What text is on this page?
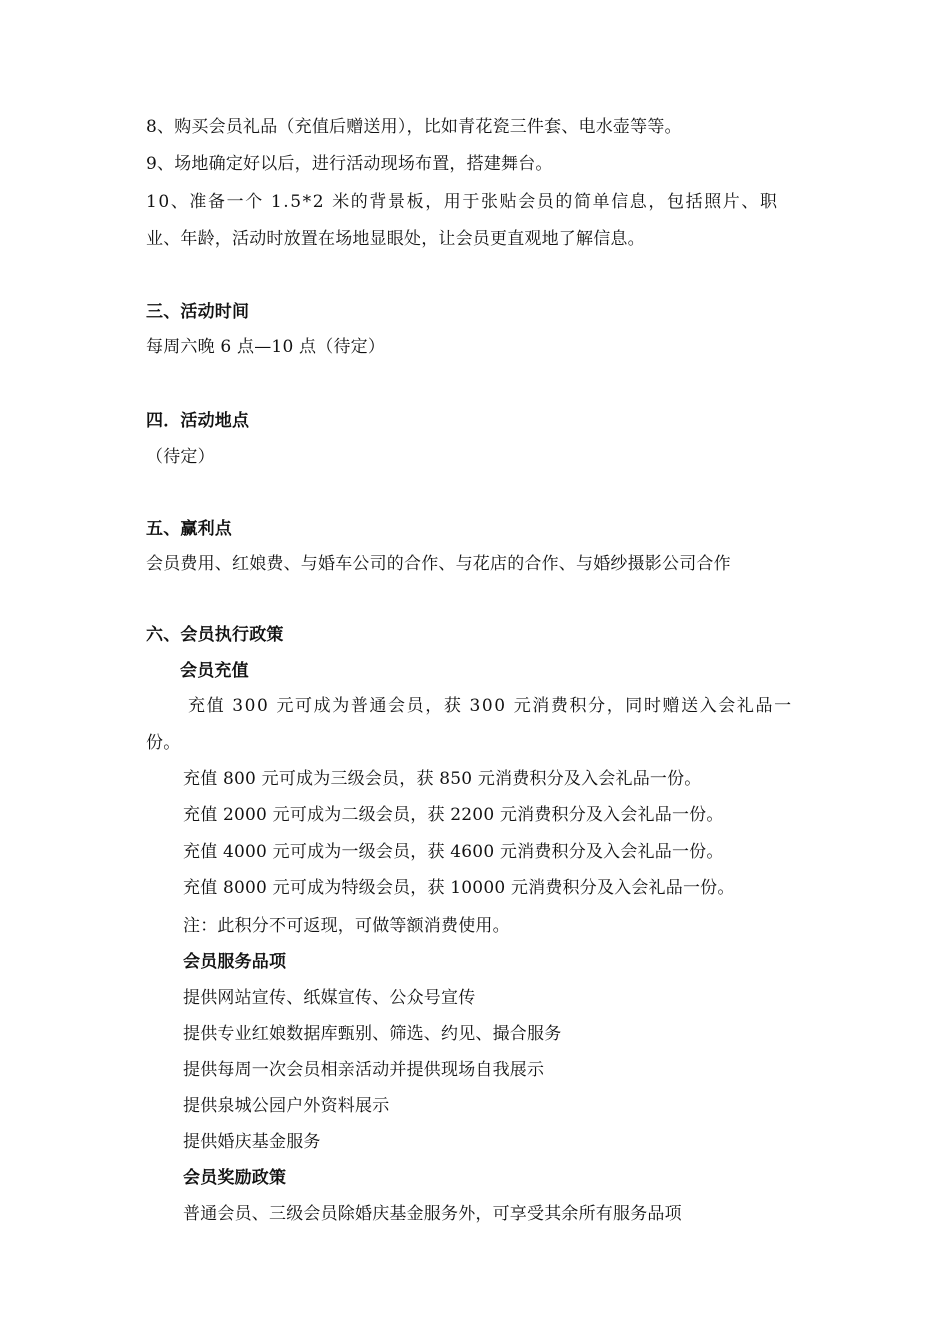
8、购买会员礼品（充值后赠送用），比如青花瓷三件套、电水壶等等。
9、场地确定好以后，进行活动现场布置，搭建舞台。
10、准备一个 1.5*2 米的背景板，用于张贴会员的简单信息，包括照片、职
业、年龄，活动时放置在场地显眼处，让会员更直观地了解信息。
三、活动时间
每周六晚 6 点—10 点（待定）
四．活动地点
（待定）
五、赢利点
会员费用、红娘费、与婚车公司的合作、与花店的合作、与婚纱摄影公司合作
六、会员执行政策
会员充值
充值 300 元可成为普通会员，获 300 元消费积分，同时赠送入会礼品一
份。
充值 800 元可成为三级会员，获 850 元消费积分及入会礼品一份。
充值 2000 元可成为二级会员，获 2200 元消费积分及入会礼品一份。
充值 4000 元可成为一级会员，获 4600 元消费积分及入会礼品一份。
充值 8000 元可成为特级会员，获 10000 元消费积分及入会礼品一份。
注：此积分不可返现，可做等额消费使用。
会员服务品项
提供网站宣传、纸媒宣传、公众号宣传
提供专业红娘数据库甄别、筛选、约见、撮合服务
提供每周一次会员相亲活动并提供现场自我展示
提供泉城公园户外资料展示
提供婚庆基金服务
会员奖励政策
普通会员、三级会员除婚庆基金服务外，可享受其余所有服务品项
